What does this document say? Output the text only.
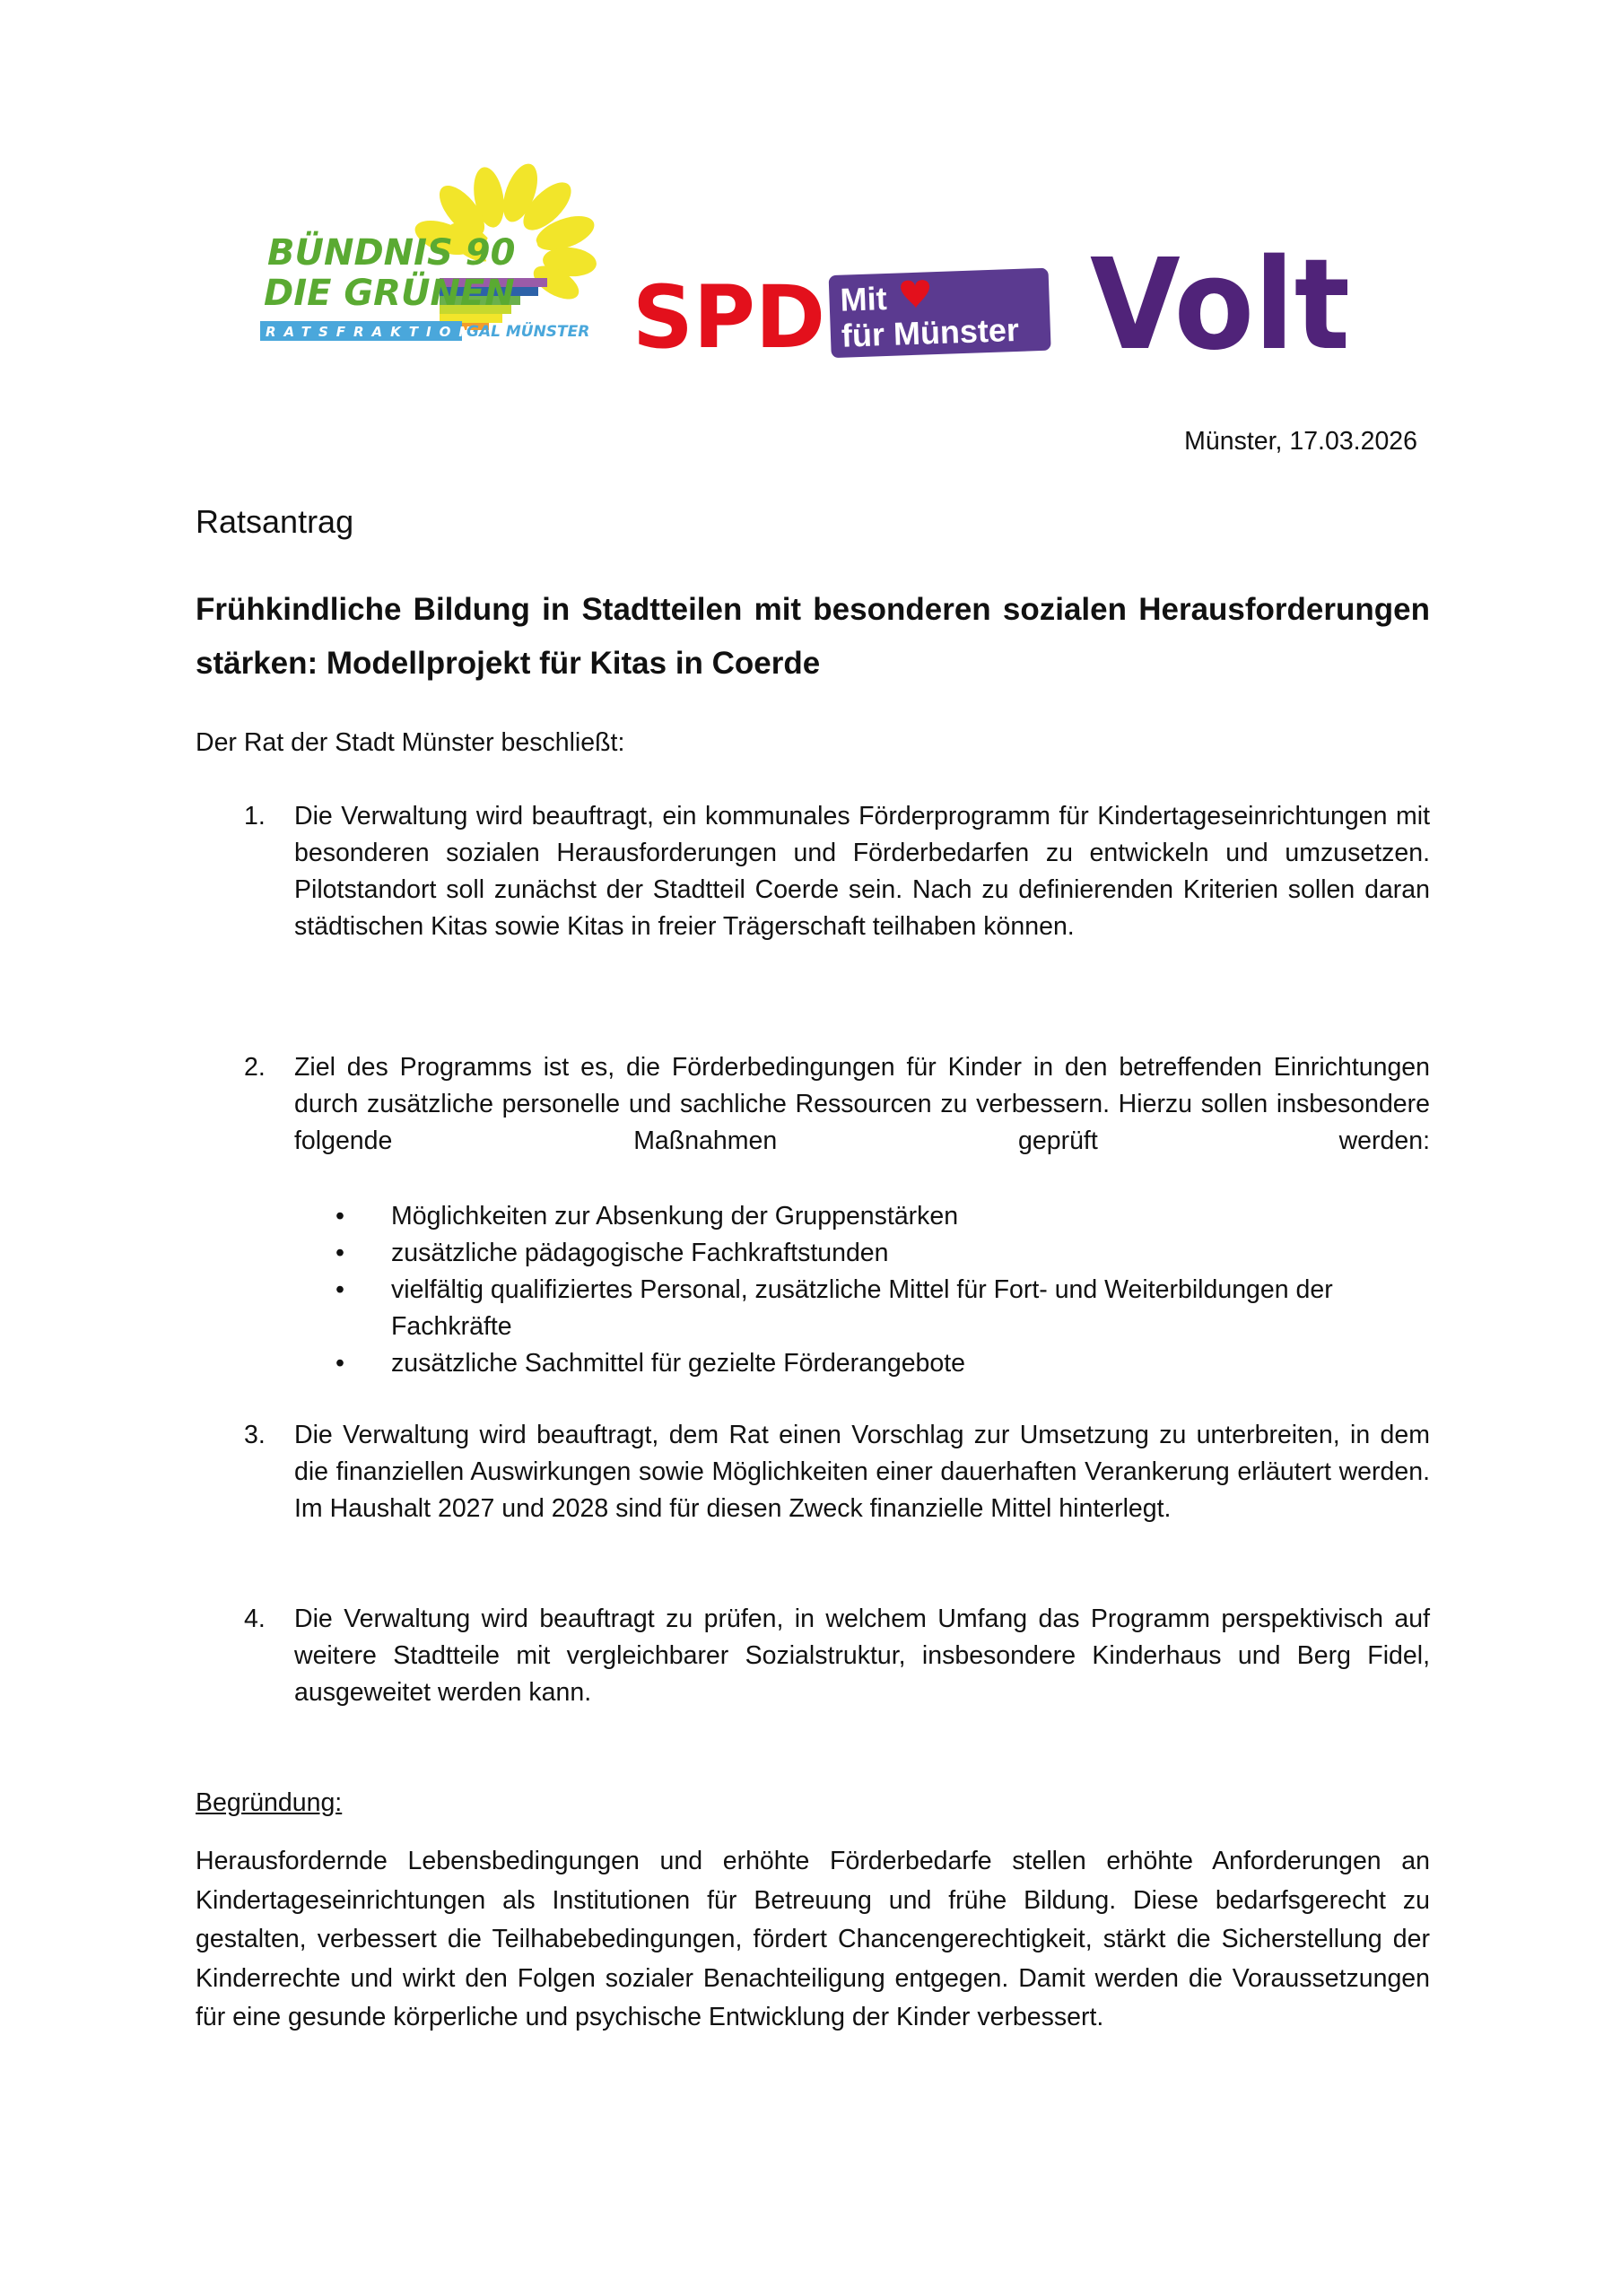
BÜNDNIS 90
DIE GRÜNEN
RATSFRAKTION
GAL MÜNSTER SPD Mit
für Münster Volt
Münster, 17.03.2026
Ratsantrag
Frühkindliche Bildung in Stadtteilen mit besonderen sozialen Herausforderungen stärken: Modellprojekt für Kitas in Coerde
Der Rat der Stadt Münster beschließt:
1. Die Verwaltung wird beauftragt, ein kommunales Förderprogramm für Kindertageseinrichtungen mit besonderen sozialen Herausforderungen und Förderbedarfen zu entwickeln und umzusetzen. Pilotstandort soll zunächst der Stadtteil Coerde sein. Nach zu definierenden Kriterien sollen daran städtischen Kitas sowie Kitas in freier Trägerschaft teilhaben können.
2. Ziel des Programms ist es, die Förderbedingungen für Kinder in den betreffenden Einrichtungen durch zusätzliche personelle und sachliche Ressourcen zu verbessern. Hierzu sollen insbesondere folgende Maßnahmen geprüft werden:
• Möglichkeiten zur Absenkung der Gruppenstärken
• zusätzliche pädagogische Fachkraftstunden
• vielfältig qualifiziertes Personal, zusätzliche Mittel für Fort- und Weiterbildungen der Fachkräfte
• zusätzliche Sachmittel für gezielte Förderangebote
3. Die Verwaltung wird beauftragt, dem Rat einen Vorschlag zur Umsetzung zu unterbreiten, in dem die finanziellen Auswirkungen sowie Möglichkeiten einer dauerhaften Verankerung erläutert werden. Im Haushalt 2027 und 2028 sind für diesen Zweck finanzielle Mittel hinterlegt.
4. Die Verwaltung wird beauftragt zu prüfen, in welchem Umfang das Programm perspektivisch auf weitere Stadtteile mit vergleichbarer Sozialstruktur, insbesondere Kinderhaus und Berg Fidel, ausgeweitet werden kann.
Begründung:
Herausfordernde Lebensbedingungen und erhöhte Förderbedarfe stellen erhöhte Anforderungen an Kindertageseinrichtungen als Institutionen für Betreuung und frühe Bildung. Diese bedarfsgerecht zu gestalten, verbessert die Teilhabebedingungen, fördert Chancengerechtigkeit, stärkt die Sicherstellung der Kinderrechte und wirkt den Folgen sozialer Benachteiligung entgegen. Damit werden die Voraussetzungen für eine gesunde körperliche und psychische Entwicklung der Kinder verbessert.
